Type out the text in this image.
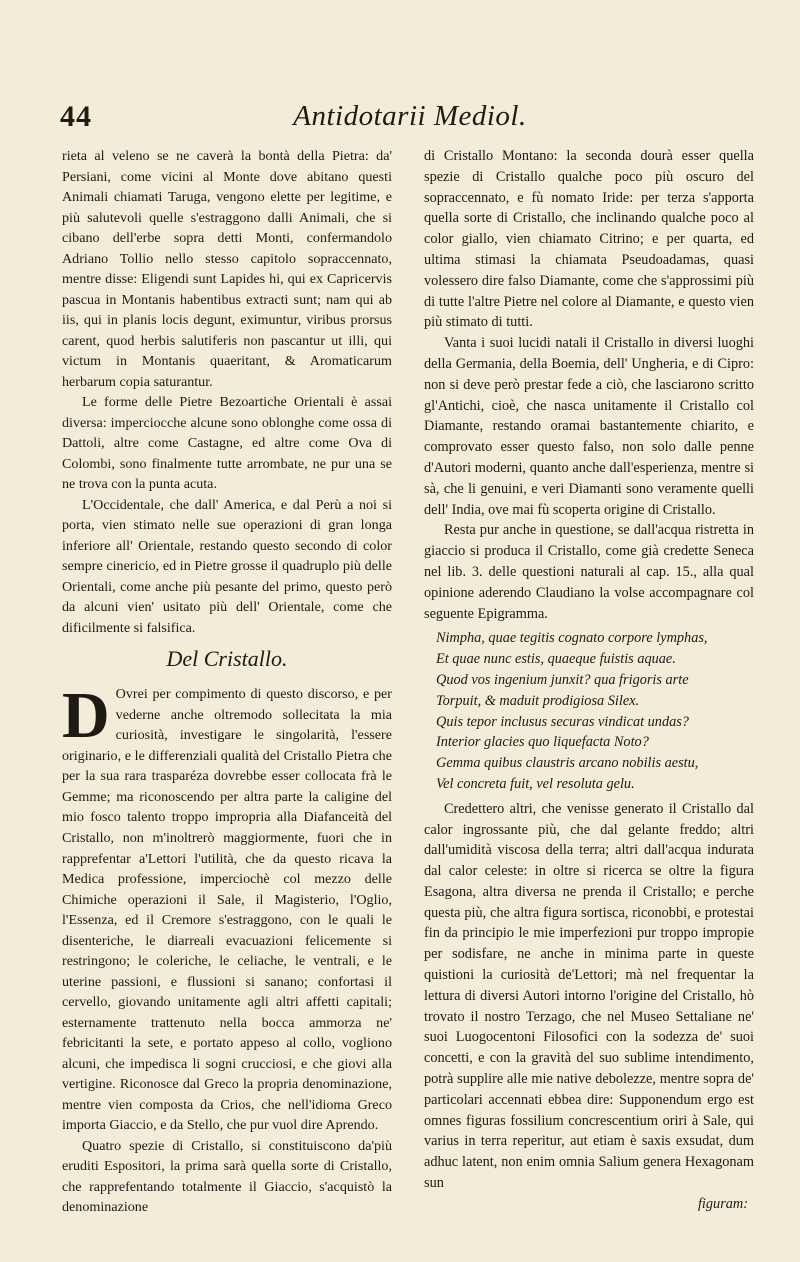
44	Antidotarii Mediol.

rieta al veleno se ne caverà la bontà della Pietra: da' Persiani, come vicini al Monte dove abitano questi Animali chiamati Taruga, vengono elette per legitime, e più salutevoli quelle s'estraggono dalli Animali, che si cibano dell'erbe sopra detti Monti, confermandolo Adriano Tollio nello stesso capitolo sopraccennato, mentre disse: Eligendi sunt Lapides hi, qui ex Capricervis pascua in Montanis habentibus extracti sunt; nam qui ab iis, qui in planis locis degunt, eximuntur, viribus prorsus carent, quod herbis salutiferis non pascantur ut illi, qui victum in Montanis quaeritant, & Aromaticarum herbarum copia saturantur.

Le forme delle Pietre Bezoartiche Orientali è assai diversa: imperciocche alcune sono oblonghe come ossa di Dattoli, altre come Castagne, ed altre come Ova di Colombi, sono finalmente tutte arrombate, ne pur una se ne trova con la punta acuta.

L'Occidentale, che dall' America, e dal Perù a noi si porta, vien stimato nelle sue operazioni di gran longa inferiore all' Orientale, restando questo secondo di color sempre cinericio, ed in Pietre grosse il quadruplo più delle Orientali, come anche più pesante del primo, questo però da alcuni vien' usitato più dell' Orientale, come che dificilmente si falsifica.

Del Cristallo.

D Ovrei per compimento di questo discorso, e per vederne anche oltremodo sollecitata la mia curiosità, investigare le singolarità, l'essere originario, e le differenziali qualità del Cristallo Pietra che per la sua rara trasparéza dovrebbe esser collocata frà le Gemme; ma riconoscendo per altra parte la caligine del mio fosco talento troppo impropria alla Diafanceità del Cristallo, non m'inoltrerò maggiormente, fuori che in rapprefentar a'Lettori l'utilità, che da questo ricava la Medica professione, imperciochè col mezzo delle Chimiche operazioni il Sale, il Magisterio, l'Oglio, l'Essenza, ed il Cremore s'estraggono, con le quali le disenteriche, le diarreali evacuazioni felicemente si restringono; le coleriche, le celiache, le ventrali, e le uterine passioni, e flussioni si sanano; confortasi il cervello, giovando unitamente agli altri affetti capitali; esternamente trattenuto nella bocca ammorza ne' febricitanti la sete, e portato appeso al collo, vogliono alcuni, che impedisca li sogni crucciosi, e che giovi alla vertigine. Riconosce dal Greco la propria denominazione, mentre vien composta da Crios, che nell'idioma Greco importa Giaccio, e da Stello, che pur vuol dire Aprendo.

Quatro spezie di Cristallo, si constituiscono da'più eruditi Espositori, la prima sarà quella sorte di Cristallo, che rapprefentando totalmente il Giaccio, s'acquistò la denominazione

di Cristallo Montano: la seconda dourà esser quella spezie di Cristallo qualche poco più oscuro del sopraccennato, e fù nomato Iride: per terza s'apporta quella sorte di Cristallo, che inclinando qualche poco al color giallo, vien chiamato Citrino; e per quarta, ed ultima stimasi la chiamata Pseudoadamas, quasi volessero dire falso Diamante, come che s'approssimi più di tutte l'altre Pietre nel colore al Diamante, e questo vien più stimato di tutti.

Vanta i suoi lucidi natali il Cristallo in diversi luoghi della Germania, della Boemia, dell' Ungheria, e di Cipro: non si deve però prestar fede a ciò, che lasciarono scritto gl'Antichi, cioè, che nasca unitamente il Cristallo col Diamante, restando oramai bastantemente chiarito, e comprovato esser questo falso, non solo dalle penne d'Autori moderni, quanto anche dall'esperienza, mentre si sà, che li genuini, e veri Diamanti sono veramente quelli dell' India, ove mai fù scoperta origine di Cristallo.

Resta pur anche in questione, se dall'acqua ristretta in giaccio si produca il Cristallo, come già credette Seneca nel lib. 3. delle questioni naturali al cap. 15., alla qual opinione aderendo Claudiano la volse accompagnare col seguente Epigramma.

Nimpha, quae tegitis cognato corpore lymphas,
Et quae nunc estis, quaeque fuistis aquae.
Quod vos ingenium junxit? qua frigoris arte
Torpuit, & maduit prodigiosa Silex.
Quis tepor inclusus securas vindicat undas?
Interior glacies quo liquefacta Noto?
Gemma quibus claustris arcano nobilis aestu,
Vel concreta fuit, vel resoluta gelu.

Credettero altri, che venisse generato il Cristallo dal calor ingrossante più, che dal gelante freddo; altri dall'umidità viscosa della terra; altri dall'acqua indurata dal calor celeste: in oltre si ricerca se oltre la figura Esagona, altra diversa ne prenda il Cristallo; e perche questa più, che altra figura sortisca, riconobbi, e protestai fin da principio le mie imperfezioni pur troppo impropie per sodisfare, ne anche in minima parte in queste quistioni la curiosità de'Lettori; mà nel frequentar la lettura di diversi Autori intorno l'origine del Cristallo, hò trovato il nostro Terzago, che nel Museo Settaliane ne' suoi Luogocentoni Filosofici con la sodezza de' suoi concetti, e con la gravità del suo sublime intendimento, potrà supplire alle mie native debolezze, mentre sopra de' particolari accennati ebbea dire: Supponendum ergo est omnes figuras fossilium concrescentium oriri à Sale, qui varius in terra reperitur, aut etiam è saxis exsudat, dum adhuc latent, non enim omnia Salium genera Hexagonam sun

figuram:
